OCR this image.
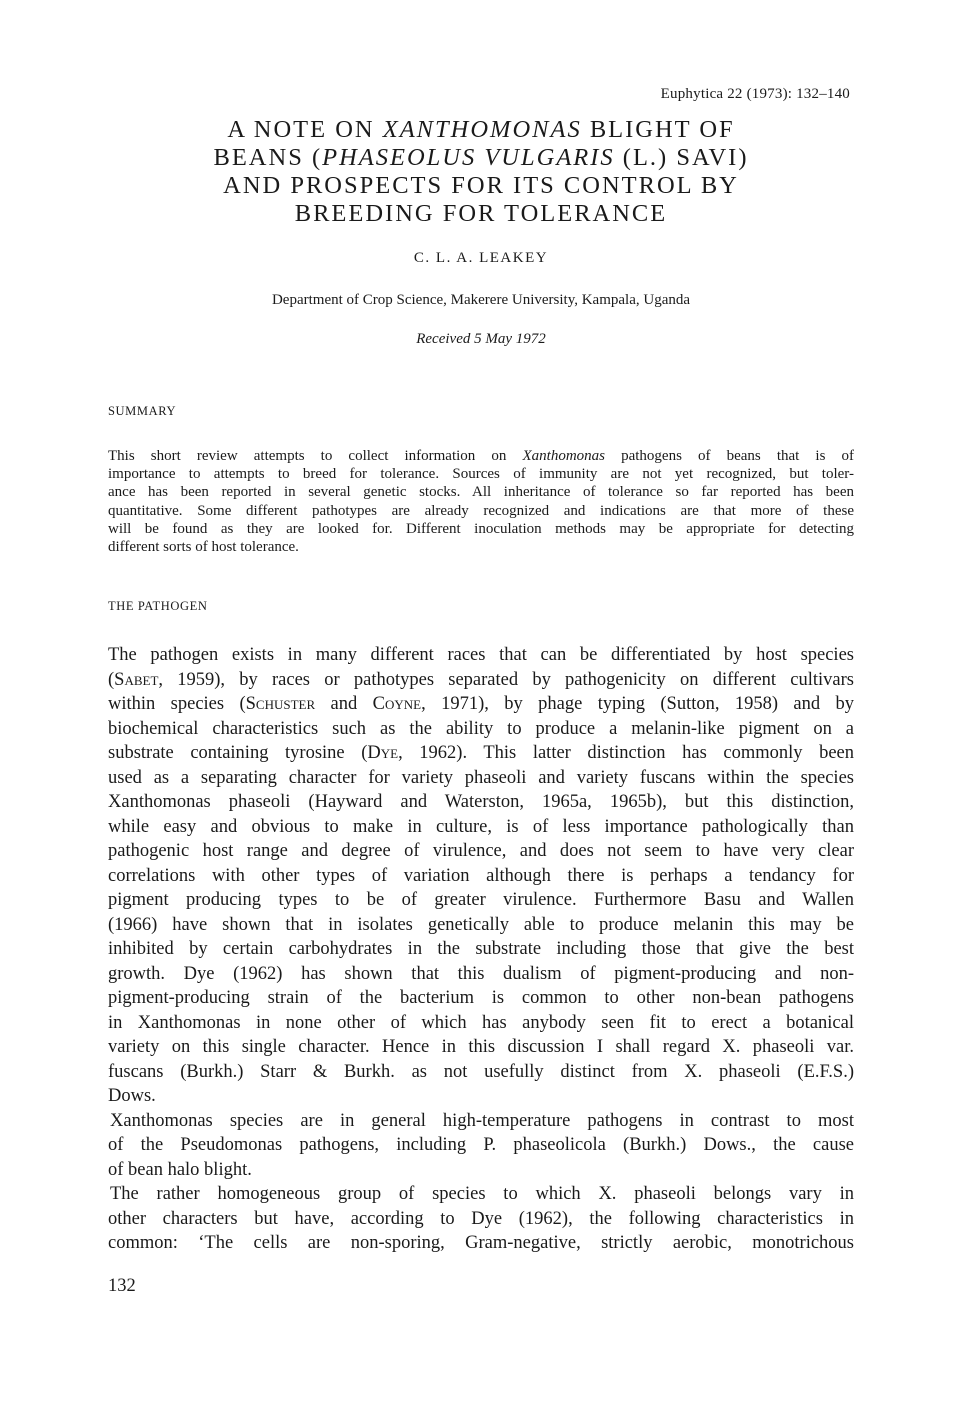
Euphytica 22 (1973): 132–140
A NOTE ON XANTHOMONAS BLIGHT OF
BEANS (PHASEOLUS VULGARIS (L.) SAVI)
AND PROSPECTS FOR ITS CONTROL BY
BREEDING FOR TOLERANCE
C. L. A. LEAKEY
Department of Crop Science, Makerere University, Kampala, Uganda
Received 5 May 1972
SUMMARY
This short review attempts to collect information on Xanthomonas pathogens of beans that is of
importance to attempts to breed for tolerance. Sources of immunity are not yet recognized, but toler-
ance has been reported in several genetic stocks. All inheritance of tolerance so far reported has been
quantitative. Some different pathotypes are already recognized and indications are that more of these
will be found as they are looked for. Different inoculation methods may be appropriate for detecting
different sorts of host tolerance.
THE PATHOGEN
The pathogen exists in many different races that can be differentiated by host species
(Sabet, 1959), by races or pathotypes separated by pathogenicity on different cultivars
within species (Schuster and Coyne, 1971), by phage typing (Sutton, 1958) and by
biochemical characteristics such as the ability to produce a melanin-like pigment on a
substrate containing tyrosine (Dye, 1962). This latter distinction has commonly been
used as a separating character for variety phaseoli and variety fuscans within the species
Xanthomonas phaseoli (Hayward and Waterston, 1965a, 1965b), but this distinction,
while easy and obvious to make in culture, is of less importance pathologically than
pathogenic host range and degree of virulence, and does not seem to have very clear
correlations with other types of variation although there is perhaps a tendancy for
pigment producing types to be of greater virulence. Furthermore Basu and Wallen
(1966) have shown that in isolates genetically able to produce melanin this may be
inhibited by certain carbohydrates in the substrate including those that give the best
growth. Dye (1962) has shown that this dualism of pigment-producing and non-
pigment-producing strain of the bacterium is common to other non-bean pathogens
in Xanthomonas in none other of which has anybody seen fit to erect a botanical
variety on this single character. Hence in this discussion I shall regard X. phaseoli var.
fuscans (Burkh.) Starr & Burkh. as not usefully distinct from X. phaseoli (E.F.S.)
Dows.
Xanthomonas species are in general high-temperature pathogens in contrast to most
of the Pseudomonas pathogens, including P. phaseolicola (Burkh.) Dows., the cause
of bean halo blight.
The rather homogeneous group of species to which X. phaseoli belongs vary in
other characters but have, according to Dye (1962), the following characteristics in
common: ‘The cells are non-sporing, Gram-negative, strictly aerobic, monotrichous
132
